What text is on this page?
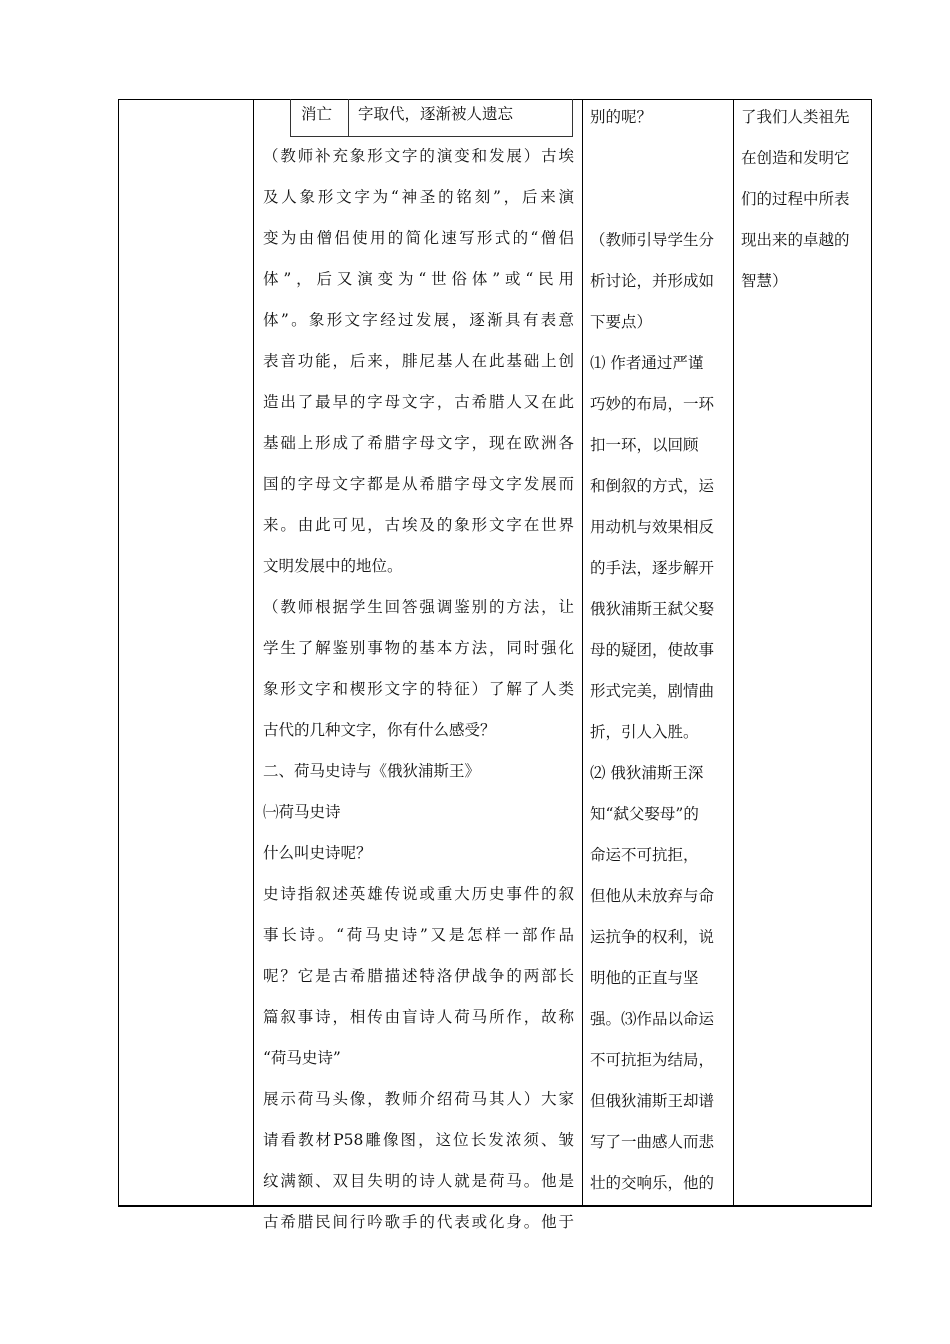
消亡 字取代，逐渐被人遗忘

（教师补充象形文字的演变和发展）古埃

及人象形文字为“神圣的铭刻”，后来演

变为由僧侣使用的简化速写形式的“僧侣

体”，后又演变为“世俗体”或“民用

体”。象形文字经过发展，逐渐具有表意

表音功能，后来，腓尼基人在此基础上创

造出了最早的字母文字，古希腊人又在此

基础上形成了希腊字母文字，现在欧洲各

国的字母文字都是从希腊字母文字发展而

来。由此可见，古埃及的象形文字在世界

文明发展中的地位。

（教师根据学生回答强调鉴别的方法，让

学生了解鉴别事物的基本方法，同时强化

象形文字和楔形文字的特征）了解了人类

古代的几种文字，你有什么感受？

二、荷马史诗与《俄狄浦斯王》

㈠荷马史诗

什么叫史诗呢？

史诗指叙述英雄传说或重大历史事件的叙

事长诗。“荷马史诗”又是怎样一部作品

呢？它是古希腊描述特洛伊战争的两部长

篇叙事诗，相传由盲诗人荷马所作，故称

“荷马史诗”

展示荷马头像，教师介绍荷马其人）大家

请看教材P58雕像图，这位长发浓须、皱

纹满额、双目失明的诗人就是荷马。他是

古希腊民间行吟歌手的代表或化身。他于

别的呢？

（教师引导学生分

析讨论，并形成如

下要点）

⑴ 作者通过严谨

巧妙的布局，一环

扣一环，以回顾

和倒叙的方式，运

用动机与效果相反

的手法，逐步解开

俄狄浦斯王弑父娶

母的疑团，使故事

形式完美，剧情曲

折，引人入胜。

⑵ 俄狄浦斯王深

知“弑父娶母”的

命运不可抗拒，

但他从未放弃与命

运抗争的权利，说

明他的正直与坚

强。⑶作品以命运

不可抗拒为结局，

但俄狄浦斯王却谱

写了一曲感人而悲

壮的交响乐，他的

了我们人类祖先

在创造和发明它

们的过程中所表

现出来的卓越的

智慧）
